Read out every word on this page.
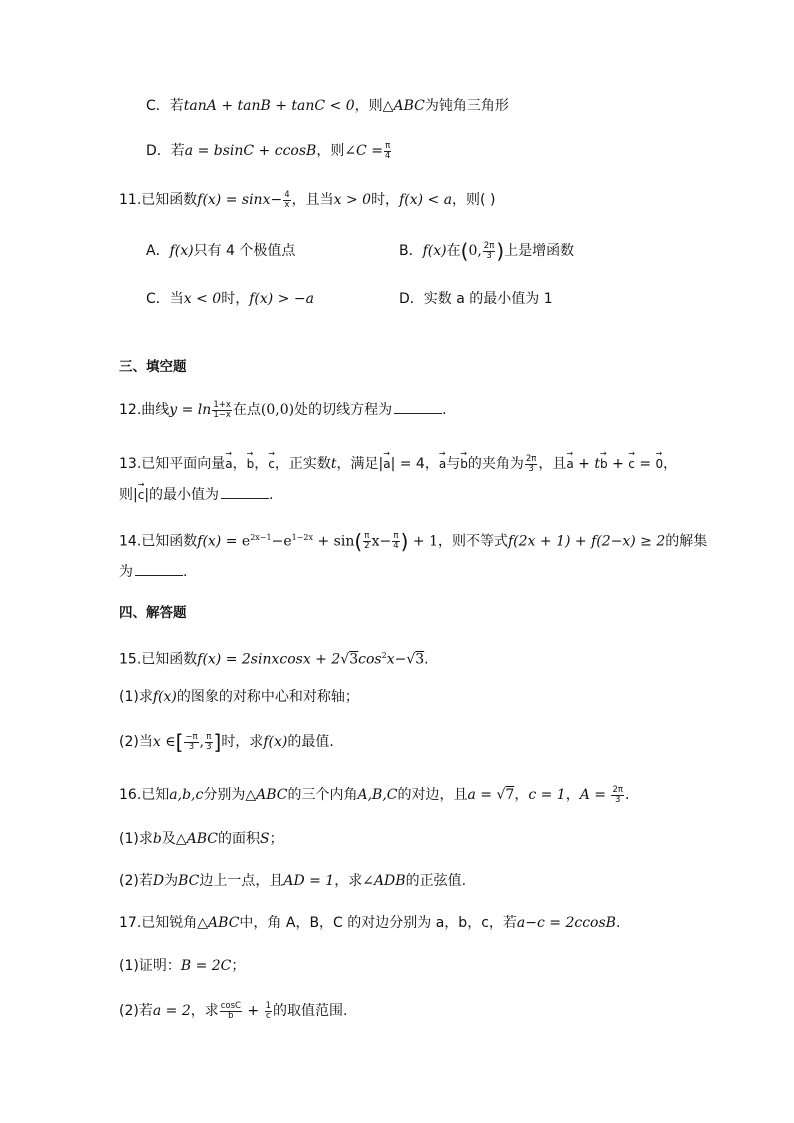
C．若tanA + tanB + tanC < 0，则△ABC为钝角三角形
D．若a = bsinC + ccosB，则∠C = $\frac{\pi}{4}$
11.已知函数$f(x) = \sin x- \frac{4}{x}$ ，且当x > 0时，f(x) < a，则( )
A．f(x)只有 4 个极值点	B．f(x)在(0, $\frac{2\pi}{3}$ )上是增函数
C．当x < 0时，f(x) > −a	D．实数 a 的最小值为 1
三、填空题
12.曲线$y = \ln \frac{1+x}{1-x}$ 在点(0,0)处的切线方程为	.
13.已知平面向量→ a，→ b，→ c，正实数t，满足|→ a| = 4，→ a与→ b的夹角为 $\frac{2\pi}{3}$ ，且→ a + t→ b + → c = → 0，
则|→ c|的最小值为	.
14.已知函数$f(x) = e^{2x-1}-e^{1-2x} + \sin( \frac{\pi}{2} x- \frac{\pi}{4}$ ) + 1，则不等式f(2x + 1) + f(2−x) ≥ 2的解集
为	.
四、解答题
15.已知函数f(x) = 2sinxcosx + $2√3\cos^2x-√3$.
(1)求f(x)的图象的对称中心和对称轴；
(2)当x ∈[ $\frac{-\pi}{3}$ , $\frac{\pi}{3}$ ]时，求f(x)的最值.
16.已知a,b,c分别为△ABC的三个内角A,B,C的对边，且a = √7，c = 1，$A = \frac{2\pi}{3}$ .
(1)求b及△ABC的面积S；
(2)若D为BC边上一点，且AD = 1，求∠ADB的正弦值.
17.已知锐角△ABC中，角 A，B，C 的对边分别为 a，b，c，若a−c = 2ccosB.
(1)证明：B = 2C；
(2)若a = 2，求 $\frac{\cos C}{b} + \frac{1}{c}$ 的取值范围.
